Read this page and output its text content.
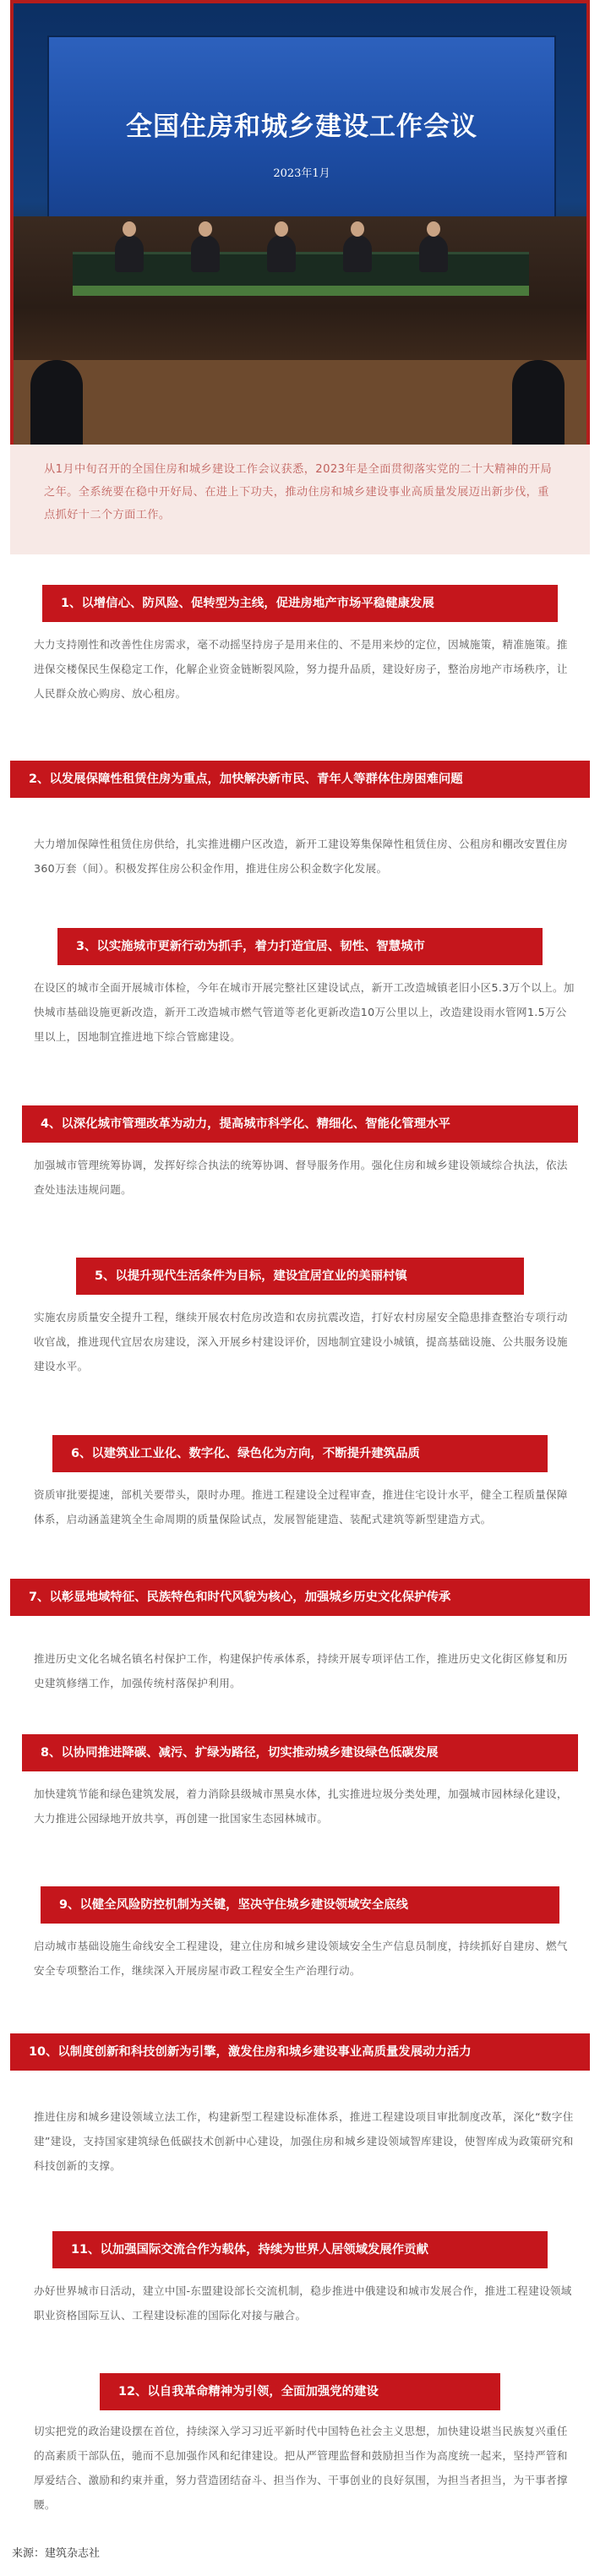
全国住房和城乡建设工作会议
2023年1月

从1月中旬召开的全国住房和城乡建设工作会议获悉，2023年是全面贯彻落实党的二十大精神的开局之年。全系统要在稳中开好局、在进上下功夫，推动住房和城乡建设事业高质量发展迈出新步伐，重点抓好十二个方面工作。

1、以增信心、防风险、促转型为主线，促进房地产市场平稳健康发展

大力支持刚性和改善性住房需求，毫不动摇坚持房子是用来住的、不是用来炒的定位，因城施策，精准施策。推进保交楼保民生保稳定工作，化解企业资金链断裂风险，努力提升品质，建设好房子，整治房地产市场秩序，让人民群众放心购房、放心租房。

2、以发展保障性租赁住房为重点，加快解决新市民、青年人等群体住房困难问题

大力增加保障性租赁住房供给，扎实推进棚户区改造，新开工建设筹集保障性租赁住房、公租房和棚改安置住房360万套（间）。积极发挥住房公积金作用，推进住房公积金数字化发展。

3、以实施城市更新行动为抓手，着力打造宜居、韧性、智慧城市

在设区的城市全面开展城市体检，今年在城市开展完整社区建设试点，新开工改造城镇老旧小区5.3万个以上。加快城市基础设施更新改造，新开工改造城市燃气管道等老化更新改造10万公里以上，改造建设雨水管网1.5万公里以上，因地制宜推进地下综合管廊建设。

4、以深化城市管理改革为动力，提高城市科学化、精细化、智能化管理水平

加强城市管理统筹协调，发挥好综合执法的统筹协调、督导服务作用。强化住房和城乡建设领域综合执法，依法查处违法违规问题。

5、以提升现代生活条件为目标，建设宜居宜业的美丽村镇

实施农房质量安全提升工程，继续开展农村危房改造和农房抗震改造，打好农村房屋安全隐患排查整治专项行动收官战，推进现代宜居农房建设，深入开展乡村建设评价，因地制宜建设小城镇，提高基础设施、公共服务设施建设水平。

6、以建筑业工业化、数字化、绿色化为方向，不断提升建筑品质

资质审批要提速，部机关要带头，限时办理。推进工程建设全过程审查，推进住宅设计水平，健全工程质量保障体系，启动涵盖建筑全生命周期的质量保险试点，发展智能建造、装配式建筑等新型建造方式。

7、以彰显地域特征、民族特色和时代风貌为核心，加强城乡历史文化保护传承

推进历史文化名城名镇名村保护工作，构建保护传承体系，持续开展专项评估工作，推进历史文化街区修复和历史建筑修缮工作，加强传统村落保护利用。

8、以协同推进降碳、减污、扩绿为路径，切实推动城乡建设绿色低碳发展

加快建筑节能和绿色建筑发展，着力消除县级城市黑臭水体，扎实推进垃圾分类处理，加强城市园林绿化建设，大力推进公园绿地开放共享，再创建一批国家生态园林城市。

9、以健全风险防控机制为关键，坚决守住城乡建设领域安全底线

启动城市基础设施生命线安全工程建设，建立住房和城乡建设领域安全生产信息员制度，持续抓好自建房、燃气安全专项整治工作，继续深入开展房屋市政工程安全生产治理行动。

10、以制度创新和科技创新为引擎，激发住房和城乡建设事业高质量发展动力活力

推进住房和城乡建设领域立法工作，构建新型工程建设标准体系，推进工程建设项目审批制度改革，深化“数字住建”建设，支持国家建筑绿色低碳技术创新中心建设，加强住房和城乡建设领域智库建设，使智库成为政策研究和科技创新的支撑。

11、以加强国际交流合作为载体，持续为世界人居领域发展作贡献

办好世界城市日活动，建立中国-东盟建设部长交流机制，稳步推进中俄建设和城市发展合作，推进工程建设领域职业资格国际互认、工程建设标准的国际化对接与融合。

12、以自我革命精神为引领，全面加强党的建设

切实把党的政治建设摆在首位，持续深入学习习近平新时代中国特色社会主义思想，加快建设堪当民族复兴重任的高素质干部队伍，驰而不息加强作风和纪律建设。把从严管理监督和鼓励担当作为高度统一起来，坚持严管和厚爱结合、激励和约束并重，努力营造团结奋斗、担当作为、干事创业的良好氛围，为担当者担当，为干事者撑腰。

来源：建筑杂志社
